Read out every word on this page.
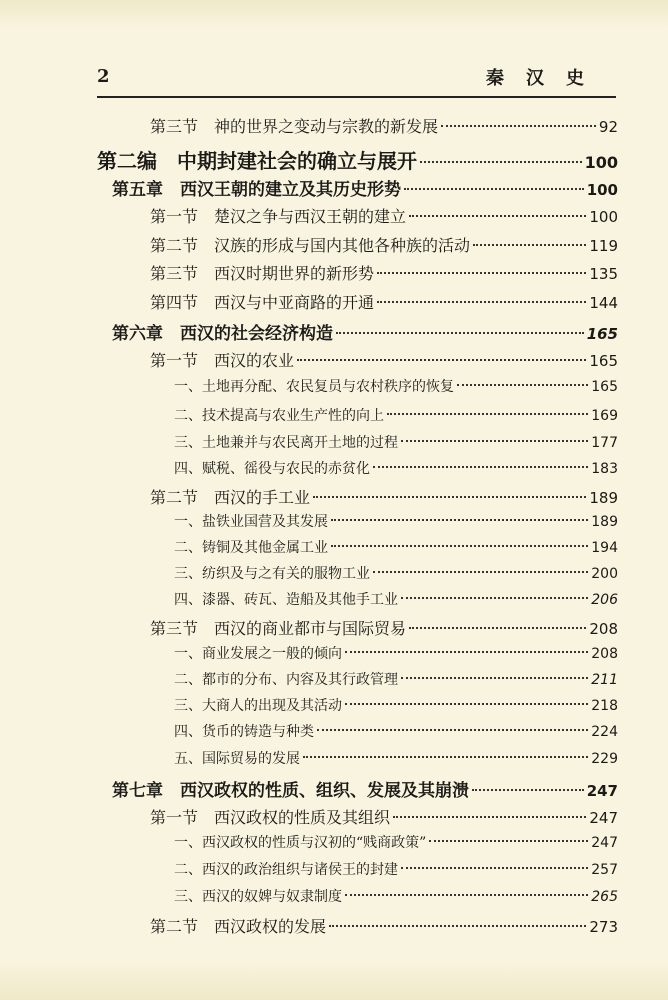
2	秦汉史
第三节　神的世界之变动与宗教的新发展	92
第二编　中期封建社会的确立与展开	100
第五章　西汉王朝的建立及其历史形势	100
第一节　楚汉之争与西汉王朝的建立	100
第二节　汉族的形成与国内其他各种族的活动	119
第三节　西汉时期世界的新形势	135
第四节　西汉与中亚商路的开通	144
第六章　西汉的社会经济构造	165
第一节　西汉的农业	165
一、土地再分配、农民复员与农村秩序的恢复	165
二、技术提高与农业生产性的向上	169
三、土地兼并与农民离开土地的过程	177
四、赋税、徭役与农民的赤贫化	183
第二节　西汉的手工业	189
一、盐铁业国营及其发展	189
二、铸铜及其他金属工业	194
三、纺织及与之有关的服物工业	200
四、漆器、砖瓦、造船及其他手工业	206
第三节　西汉的商业都市与国际贸易	208
一、商业发展之一般的倾向	208
二、都市的分布、内容及其行政管理	211
三、大商人的出现及其活动	218
四、货币的铸造与种类	224
五、国际贸易的发展	229
第七章　西汉政权的性质、组织、发展及其崩溃	247
第一节　西汉政权的性质及其组织	247
一、西汉政权的性质与汉初的“贱商政策”	247
二、西汉的政治组织与诸侯王的封建	257
三、西汉的奴婢与奴隶制度	265
第二节　西汉政权的发展	273
